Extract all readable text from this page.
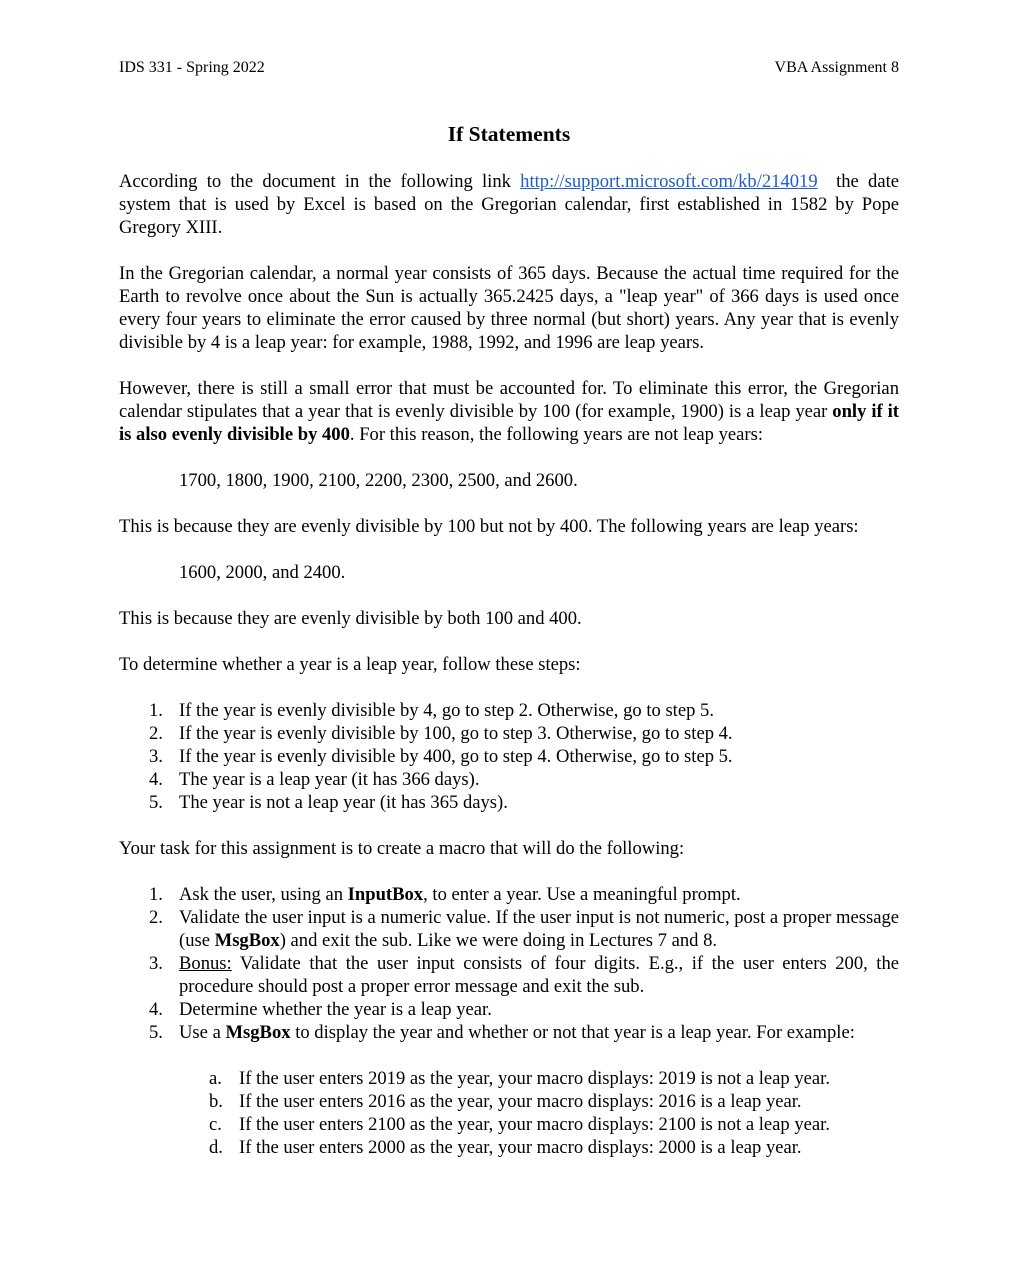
IDS 331 - Spring 2022	VBA Assignment 8
If Statements

According to the document in the following link http://support.microsoft.com/kb/214019  the date system that is used by Excel is based on the Gregorian calendar, first established in 1582 by Pope Gregory XIII.

In the Gregorian calendar, a normal year consists of 365 days. Because the actual time required for the Earth to revolve once about the Sun is actually 365.2425 days, a "leap year" of 366 days is used once every four years to eliminate the error caused by three normal (but short) years. Any year that is evenly divisible by 4 is a leap year: for example, 1988, 1992, and 1996 are leap years.

However, there is still a small error that must be accounted for. To eliminate this error, the Gregorian calendar stipulates that a year that is evenly divisible by 100 (for example, 1900) is a leap year only if it is also evenly divisible by 400. For this reason, the following years are not leap years:

1700, 1800, 1900, 2100, 2200, 2300, 2500, and 2600.

This is because they are evenly divisible by 100 but not by 400. The following years are leap years:

1600, 2000, and 2400.

This is because they are evenly divisible by both 100 and 400.

To determine whether a year is a leap year, follow these steps:

1. If the year is evenly divisible by 4, go to step 2. Otherwise, go to step 5.
2. If the year is evenly divisible by 100, go to step 3. Otherwise, go to step 4.
3. If the year is evenly divisible by 400, go to step 4. Otherwise, go to step 5.
4. The year is a leap year (it has 366 days).
5. The year is not a leap year (it has 365 days).

Your task for this assignment is to create a macro that will do the following:

1. Ask the user, using an InputBox, to enter a year. Use a meaningful prompt.
2. Validate the user input is a numeric value. If the user input is not numeric, post a proper message (use MsgBox) and exit the sub. Like we were doing in Lectures 7 and 8.
3. Bonus: Validate that the user input consists of four digits. E.g., if the user enters 200, the procedure should post a proper error message and exit the sub.
4. Determine whether the year is a leap year.
5. Use a MsgBox to display the year and whether or not that year is a leap year. For example:
a. If the user enters 2019 as the year, your macro displays: 2019 is not a leap year.
b. If the user enters 2016 as the year, your macro displays: 2016 is a leap year.
c. If the user enters 2100 as the year, your macro displays: 2100 is not a leap year.
d. If the user enters 2000 as the year, your macro displays: 2000 is a leap year.
